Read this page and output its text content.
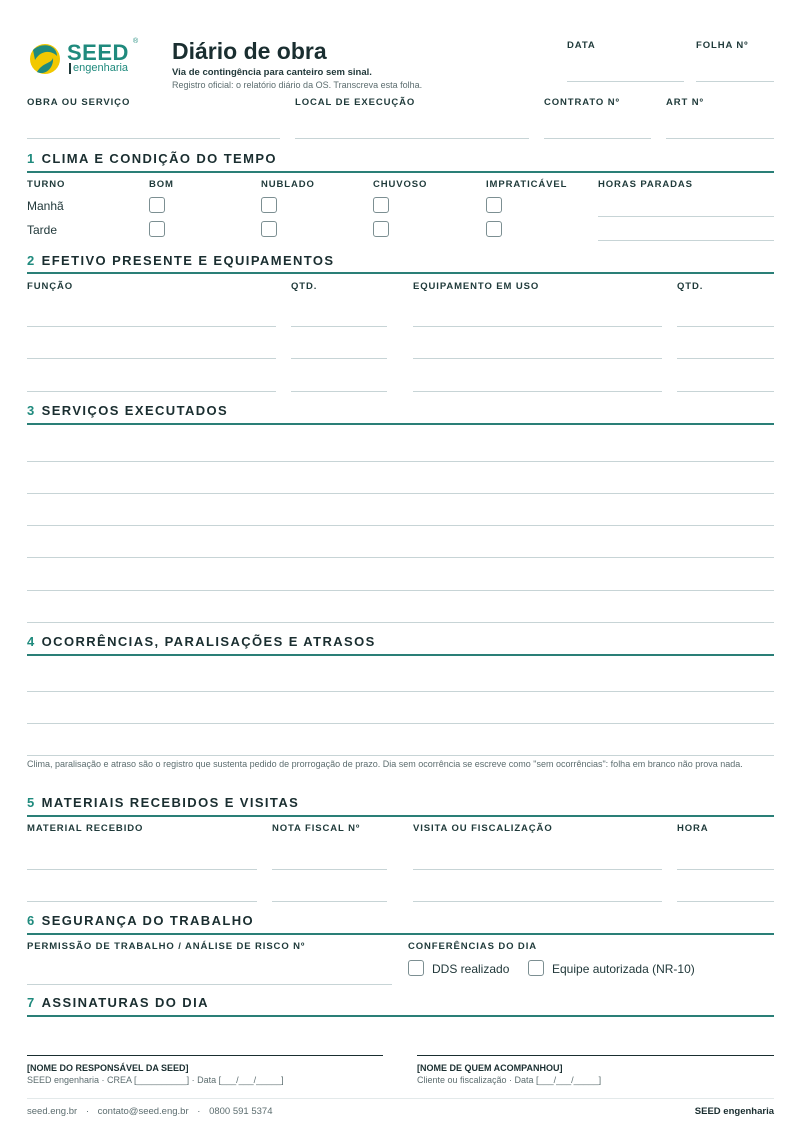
SEED ®
engenharia
Diário de obra
Via de contingência para canteiro sem sinal.
Registro oficial: o relatório diário da OS. Transcreva esta folha.
DATA	FOLHA Nº
OBRA OU SERVIÇO	LOCAL DE EXECUÇÃO	CONTRATO Nº	ART Nº
1 CLIMA E CONDIÇÃO DO TEMPO
TURNO	BOM	NUBLADO	CHUVOSO	IMPRATICÁVEL	HORAS PARADAS
Manhã
Tarde
2 EFETIVO PRESENTE E EQUIPAMENTOS
FUNÇÃO	QTD.	EQUIPAMENTO EM USO	QTD.
3 SERVIÇOS EXECUTADOS
4 OCORRÊNCIAS, PARALISAÇÕES E ATRASOS
Clima, paralisação e atraso são o registro que sustenta pedido de prorrogação de prazo. Dia sem ocorrência se escreve como "sem ocorrências": folha em branco não prova nada.
5 MATERIAIS RECEBIDOS E VISITAS
MATERIAL RECEBIDO	NOTA FISCAL Nº	VISITA OU FISCALIZAÇÃO	HORA
6 SEGURANÇA DO TRABALHO
PERMISSÃO DE TRABALHO / ANÁLISE DE RISCO Nº	CONFERÊNCIAS DO DIA
DDS realizado	Equipe autorizada (NR-10)
7 ASSINATURAS DO DIA
[NOME DO RESPONSÁVEL DA SEED]
SEED engenharia · CREA [__________] · Data [___/___/_____]
[NOME DE QUEM ACOMPANHOU]
Cliente ou fiscalização · Data [___/___/_____]
seed.eng.br · contato@seed.eng.br · 0800 591 5374	SEED engenharia
